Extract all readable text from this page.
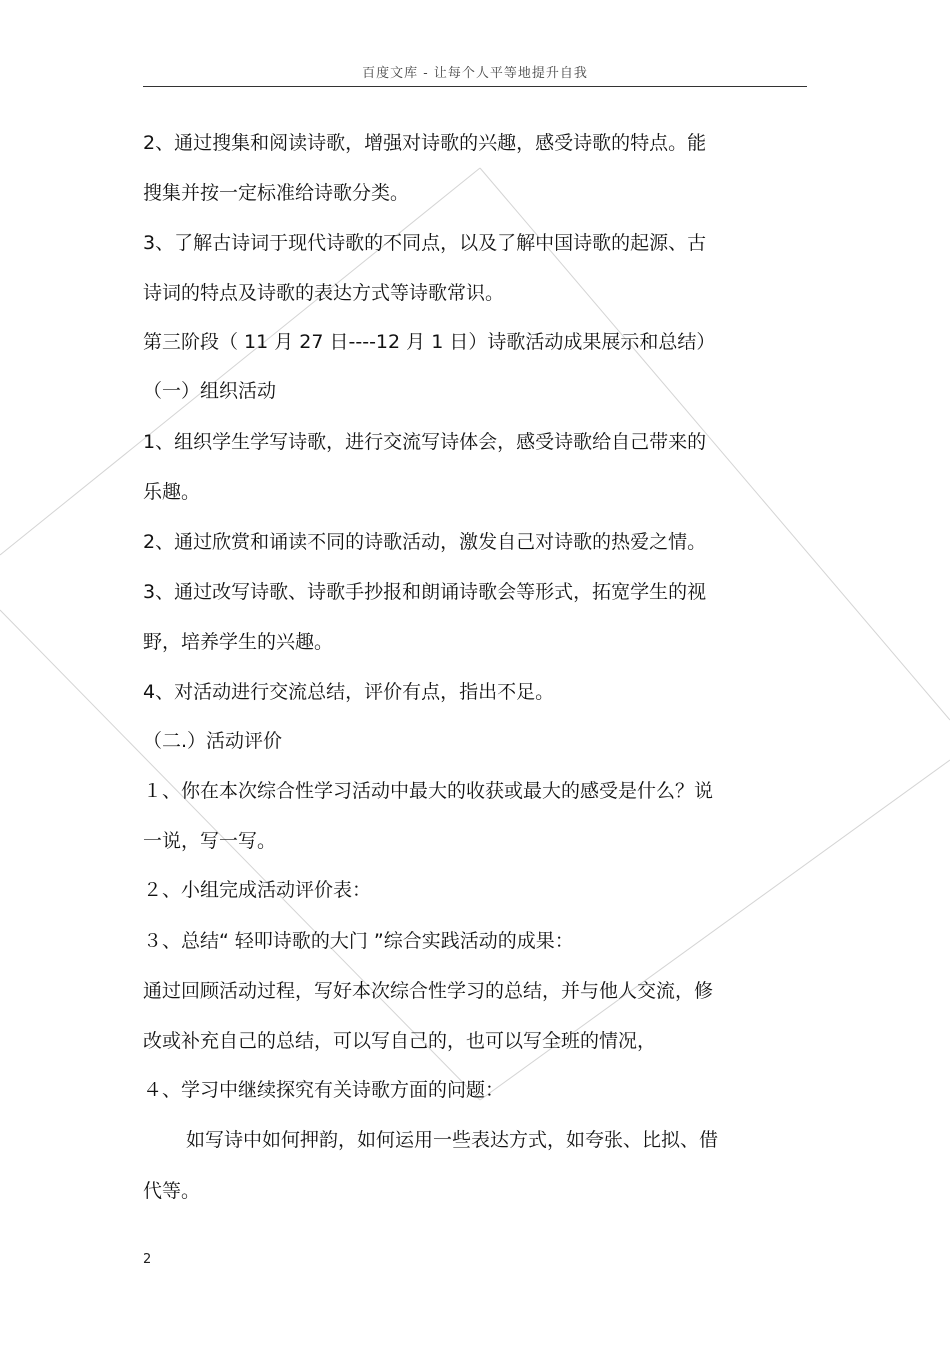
百度文库 - 让每个人平等地提升自我
2、通过搜集和阅读诗歌，增强对诗歌的兴趣，感受诗歌的特点。能
搜集并按一定标准给诗歌分类。
3、了解古诗词于现代诗歌的不同点，以及了解中国诗歌的起源、古
诗词的特点及诗歌的表达方式等诗歌常识。
第三阶段（ 11 月 27 日----12 月 1 日）诗歌活动成果展示和总结）
（一）组织活动
1、组织学生学写诗歌，进行交流写诗体会，感受诗歌给自己带来的
乐趣。
2、通过欣赏和诵读不同的诗歌活动，激发自己对诗歌的热爱之情。
3、通过改写诗歌、诗歌手抄报和朗诵诗歌会等形式，拓宽学生的视
野，培养学生的兴趣。
4、对活动进行交流总结，评价有点，指出不足。
（二.）活动评价
１、你在本次综合性学习活动中最大的收获或最大的感受是什么？说
一说，写一写。
２、小组完成活动评价表：
３、总结“ 轻叩诗歌的大门 ”综合实践活动的成果：
通过回顾活动过程，写好本次综合性学习的总结，并与他人交流，修
改或补充自己的总结，可以写自己的，也可以写全班的情况，
４、学习中继续探究有关诗歌方面的问题：
如写诗中如何押韵，如何运用一些表达方式，如夸张、比拟、借
代等。
2
